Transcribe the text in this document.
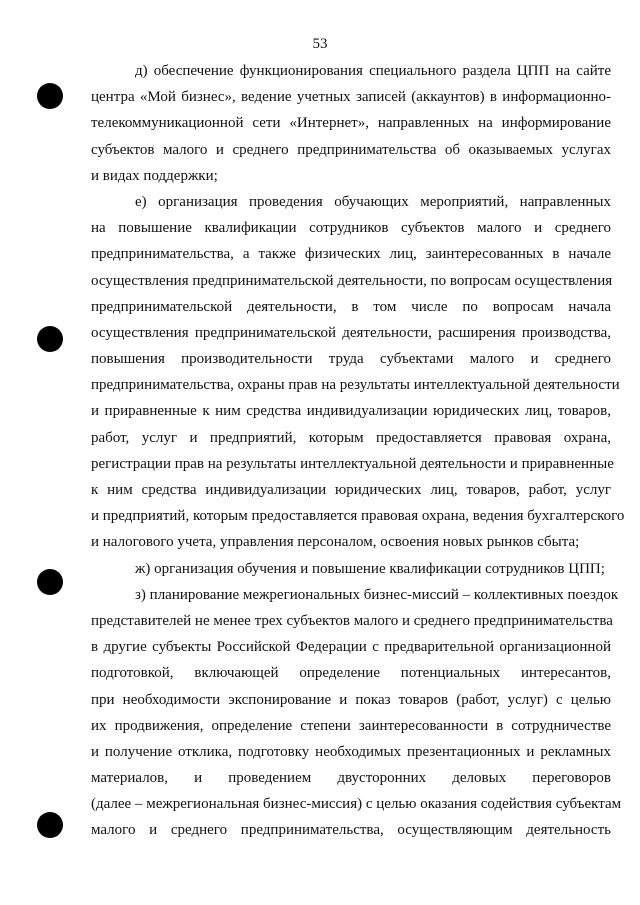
53
д) обеспечение функционирования специального раздела ЦПП на сайте
центра «Мой бизнес», ведение учетных записей (аккаунтов) в информационно-
телекоммуникационной сети «Интернет», направленных на информирование
субъектов малого и среднего предпринимательства об оказываемых услугах
и видах поддержки;
е) организация проведения обучающих мероприятий, направленных
на повышение квалификации сотрудников субъектов малого и среднего
предпринимательства, а также физических лиц, заинтересованных в начале
осуществления предпринимательской деятельности, по вопросам осуществления
предпринимательской деятельности, в том числе по вопросам начала
осуществления предпринимательской деятельности, расширения производства,
повышения производительности труда субъектами малого и среднего
предпринимательства, охраны прав на результаты интеллектуальной деятельности
и приравненные к ним средства индивидуализации юридических лиц, товаров,
работ, услуг и предприятий, которым предоставляется правовая охрана,
регистрации прав на результаты интеллектуальной деятельности и приравненные
к ним средства индивидуализации юридических лиц, товаров, работ, услуг
и предприятий, которым предоставляется правовая охрана, ведения бухгалтерского
и налогового учета, управления персоналом, освоения новых рынков сбыта;
ж) организация обучения и повышение квалификации сотрудников ЦПП;
з) планирование межрегиональных бизнес-миссий – коллективных поездок
представителей не менее трех субъектов малого и среднего предпринимательства
в другие субъекты Российской Федерации с предварительной организационной
подготовкой, включающей определение потенциальных интересантов,
при необходимости экспонирование и показ товаров (работ, услуг) с целью
их продвижения, определение степени заинтересованности в сотрудничестве
и получение отклика, подготовку необходимых презентационных и рекламных
материалов, и проведением двусторонних деловых переговоров
(далее – межрегиональная бизнес-миссия) с целью оказания содействия субъектам
малого и среднего предпринимательства, осуществляющим деятельность
